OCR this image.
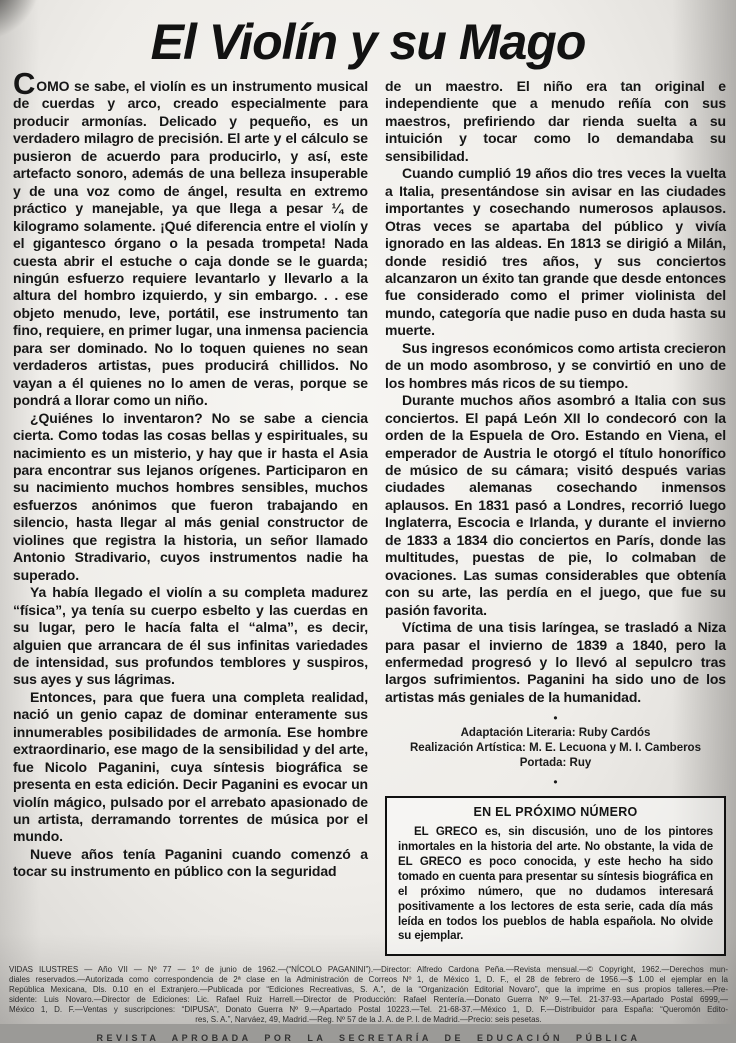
El Violín y su Mago

COMO se sabe, el violín es un instrumento musical de cuerdas y arco, creado especialmente para producir armonías. Delicado y pequeño, es un verdadero milagro de precisión. El arte y el cálculo se pusieron de acuerdo para producirlo, y así, este artefacto sonoro, además de una belleza insuperable y de una voz como de ángel, resulta en extremo práctico y manejable, ya que llega a pesar ¼ de kilogramo solamente. ¡Qué diferencia entre el violín y el gigantesco órgano o la pesada trompeta! Nada cuesta abrir el estuche o caja donde se le guarda; ningún esfuerzo requiere levantarlo y llevarlo a la altura del hombro izquierdo, y sin embargo. . . ese objeto menudo, leve, portátil, ese instrumento tan fino, requiere, en primer lugar, una inmensa paciencia para ser dominado. No lo toquen quienes no sean verdaderos artistas, pues producirá chillidos. No vayan a él quienes no lo amen de veras, porque se pondrá a llorar como un niño.

¿Quiénes lo inventaron? No se sabe a ciencia cierta. Como todas las cosas bellas y espirituales, su nacimiento es un misterio, y hay que ir hasta el Asia para encontrar sus lejanos orígenes. Participaron en su nacimiento muchos hombres sensibles, muchos esfuerzos anónimos que fueron trabajando en silencio, hasta llegar al más genial constructor de violines que registra la historia, un señor llamado Antonio Stradivario, cuyos instrumentos nadie ha superado.

Ya había llegado el violín a su completa madurez “física”, ya tenía su cuerpo esbelto y las cuerdas en su lugar, pero le hacía falta el “alma”, es decir, alguien que arrancara de él sus infinitas variedades de intensidad, sus profundos temblores y suspiros, sus ayes y sus lágrimas.

Entonces, para que fuera una completa realidad, nació un genio capaz de dominar enteramente sus innumerables posibilidades de armonía. Ese hombre extraordinario, ese mago de la sensibilidad y del arte, fue Nicolo Paganini, cuya síntesis biográfica se presenta en esta edición. Decir Paganini es evocar un violín mágico, pulsado por el arrebato apasionado de un artista, derramando torrentes de música por el mundo.

Nueve años tenía Paganini cuando comenzó a tocar su instrumento en público con la seguridad

de un maestro. El niño era tan original e independiente que a menudo reñía con sus maestros, prefiriendo dar rienda suelta a su intuición y tocar como lo demandaba su sensibilidad.

Cuando cumplió 19 años dio tres veces la vuelta a Italia, presentándose sin avisar en las ciudades importantes y cosechando numerosos aplausos. Otras veces se apartaba del público y vivía ignorado en las aldeas. En 1813 se dirigió a Milán, donde residió tres años, y sus conciertos alcanzaron un éxito tan grande que desde entonces fue considerado como el primer violinista del mundo, categoría que nadie puso en duda hasta su muerte.

Sus ingresos económicos como artista crecieron de un modo asombroso, y se convirtió en uno de los hombres más ricos de su tiempo.

Durante muchos años asombró a Italia con sus conciertos. El papá León XII lo condecoró con la orden de la Espuela de Oro. Estando en Viena, el emperador de Austria le otorgó el título honorífico de músico de su cámara; visitó después varias ciudades alemanas cosechando inmensos aplausos. En 1831 pasó a Londres, recorrió luego Inglaterra, Escocia e Irlanda, y durante el invierno de 1833 a 1834 dio conciertos en París, donde las multitudes, puestas de pie, lo colmaban de ovaciones. Las sumas considerables que obtenía con su arte, las perdía en el juego, que fue su pasión favorita.

Víctima de una tisis laríngea, se trasladó a Niza para pasar el invierno de 1839 a 1840, pero la enfermedad progresó y lo llevó al sepulcro tras largos sufrimientos. Paganini ha sido uno de los artistas más geniales de la humanidad.

•
Adaptación Literaria: Ruby Cardós
Realización Artística: M. E. Lecuona y M. I. Camberos
Portada: Ruy
•
EN EL PRÓXIMO NÚMERO

EL GRECO es, sin discusión, uno de los pintores inmortales en la historia del arte. No obstante, la vida de EL GRECO es poco conocida, y este hecho ha sido tomado en cuenta para presentar su síntesis biográfica en el próximo número, que no dudamos interesará positivamente a los lectores de esta serie, cada día más leída en todos los pueblos de habla española. No olvide su ejemplar.

VIDAS ILUSTRES — Año VII — Nº 77 — 1º de junio de 1962.—(“NÍCOLO PAGANINI”).—Director: Alfredo Cardona Peña.—Revista mensual.—© Copyright, 1962.—Derechos mun-
diales reservados.—Autorizada como correspondencia de 2ª clase en la Administración de Correos Nº 1, de México 1, D. F., el 28 de febrero de 1956.—$ 1.00 el ejemplar en la
República Mexicana, Dls. 0.10 en el Extranjero.—Publicada por “Ediciones Recreativas, S. A.”, de la “Organización Editorial Novaro”, que la imprime en sus propios talleres.—Pre-
sidente: Luis Novaro.—Director de Ediciones: Lic. Rafael Ruiz Harrell.—Director de Producción: Rafael Rentería.—Donato Guerra Nº 9.—Tel. 21-37-93.—Apartado Postal 6999,—
México 1, D. F.—Ventas y suscripciones: “DIPUSA”, Donato Guerra Nº 9.—Apartado Postal 10223.—Tel. 21-68-37.—México 1, D. F.—Distribuidor para España: “Queromón Edito-
res, S. A.”, Narváez, 49, Madrid.—Reg. Nº 57 de la J. A. de P. I. de Madrid.—Precio: seis pesetas.
REVISTA APROBADA POR LA SECRETARÍA DE EDUCACIÓN PÚBLICA
